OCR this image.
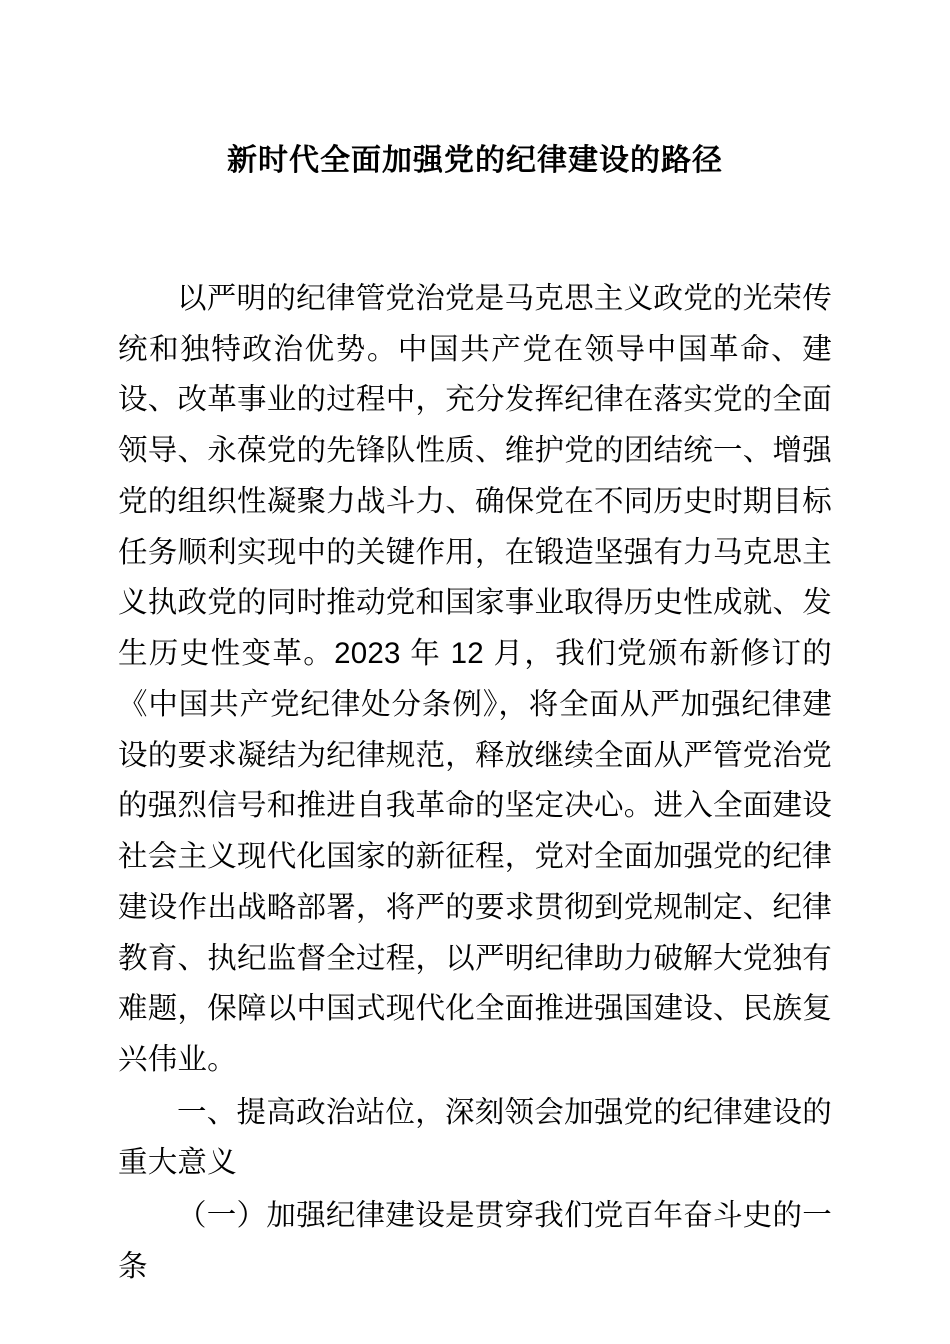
新时代全面加强党的纪律建设的路径

以严明的纪律管党治党是马克思主义政党的光荣传统和独特政治优势。中国共产党在领导中国革命、建设、改革事业的过程中，充分发挥纪律在落实党的全面领导、永葆党的先锋队性质、维护党的团结统一、增强党的组织性凝聚力战斗力、确保党在不同历史时期目标任务顺利实现中的关键作用，在锻造坚强有力马克思主义执政党的同时推动党和国家事业取得历史性成就、发生历史性变革。2023 年 12 月，我们党颁布新修订的《中国共产党纪律处分条例》，将全面从严加强纪律建设的要求凝结为纪律规范，释放继续全面从严管党治党的强烈信号和推进自我革命的坚定决心。进入全面建设社会主义现代化国家的新征程，党对全面加强党的纪律建设作出战略部署，将严的要求贯彻到党规制定、纪律教育、执纪监督全过程，以严明纪律助力破解大党独有难题，保障以中国式现代化全面推进强国建设、民族复兴伟业。

一、提高政治站位，深刻领会加强党的纪律建设的重大意义

（一）加强纪律建设是贯穿我们党百年奋斗史的一条
